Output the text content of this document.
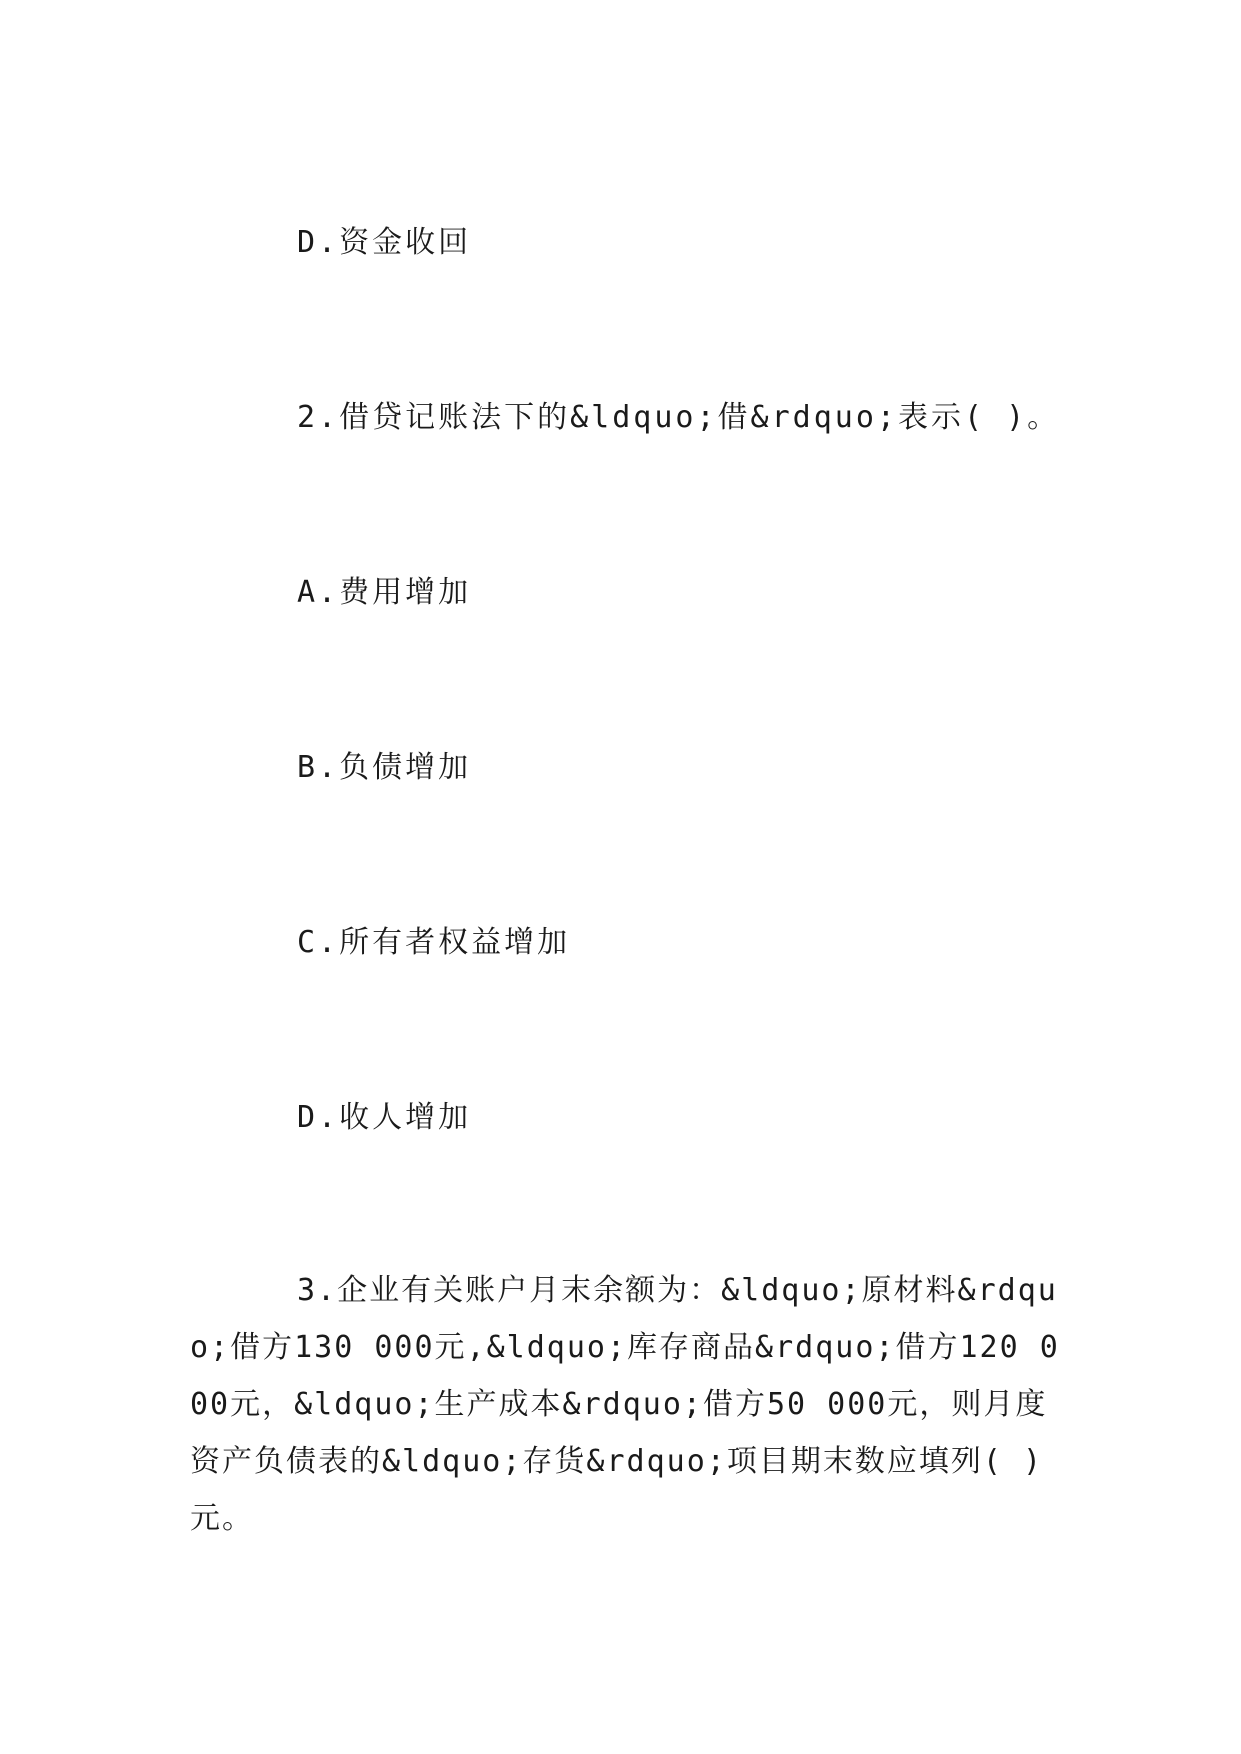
D.资金收回
2.借贷记账法下的&ldquo;借&rdquo;表示( )。
A.费用增加
B.负债增加
C.所有者权益增加
D.收人增加
3.企业有关账户月末余额为：&ldquo;原材料&rdquo;借方130 000元,&ldquo;库存商品&rdquo;借方120 000元，&ldquo;生产成本&rdquo;借方50 000元，则月度资产负债表的&ldquo;存货&rdquo;项目期末数应填列( )元。
